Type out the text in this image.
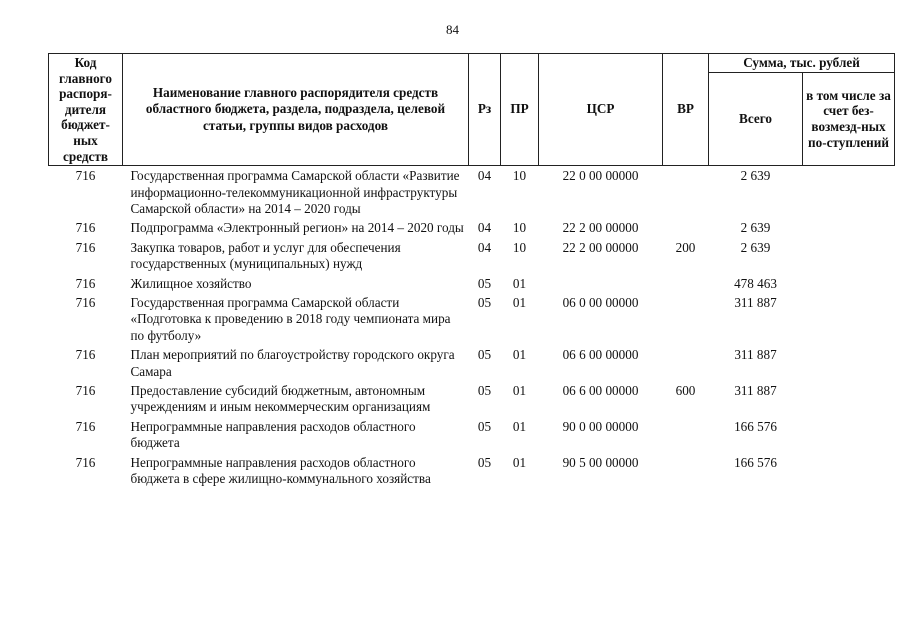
84
Код главного распоря-дителя бюджет-ных средств	Наименование главного распорядителя средств областного бюджета, раздела, подраздела, целевой статьи, группы видов расходов	Рз	ПР	ЦСР	ВР	Сумма, тыс. рублей	
						Всего	в том числе за счет без-возмезд-ных по-ступлений
716	Государственная программа Самарской области «Развитие информационно-телекоммуникационной инфраструктуры Самарской области» на 2014 – 2020 годы	04	10	22 0 00 00000		2 639	
716	Подпрограмма «Электронный регион» на 2014 – 2020 годы	04	10	22 2 00 00000		2 639	
716	Закупка товаров, работ и услуг для обеспечения государственных (муниципальных) нужд	04	10	22 2 00 00000	200	2 639	
716	Жилищное хозяйство	05	01			478 463	
716	Государственная программа Самарской области «Подготовка к проведению в 2018 году чемпионата мира по футболу»	05	01	06 0 00 00000		311 887	
716	План мероприятий по благоустройству городского округа Самара	05	01	06 6 00 00000		311 887	
716	Предоставление субсидий бюджетным, автономным учреждениям и иным некоммерческим организациям	05	01	06 6 00 00000	600	311 887	
716	Непрограммные направления расходов областного бюджета	05	01	90 0 00 00000		166 576	
716	Непрограммные направления расходов областного бюджета в сфере жилищно-коммунального хозяйства	05	01	90 5 00 00000		166 576	
